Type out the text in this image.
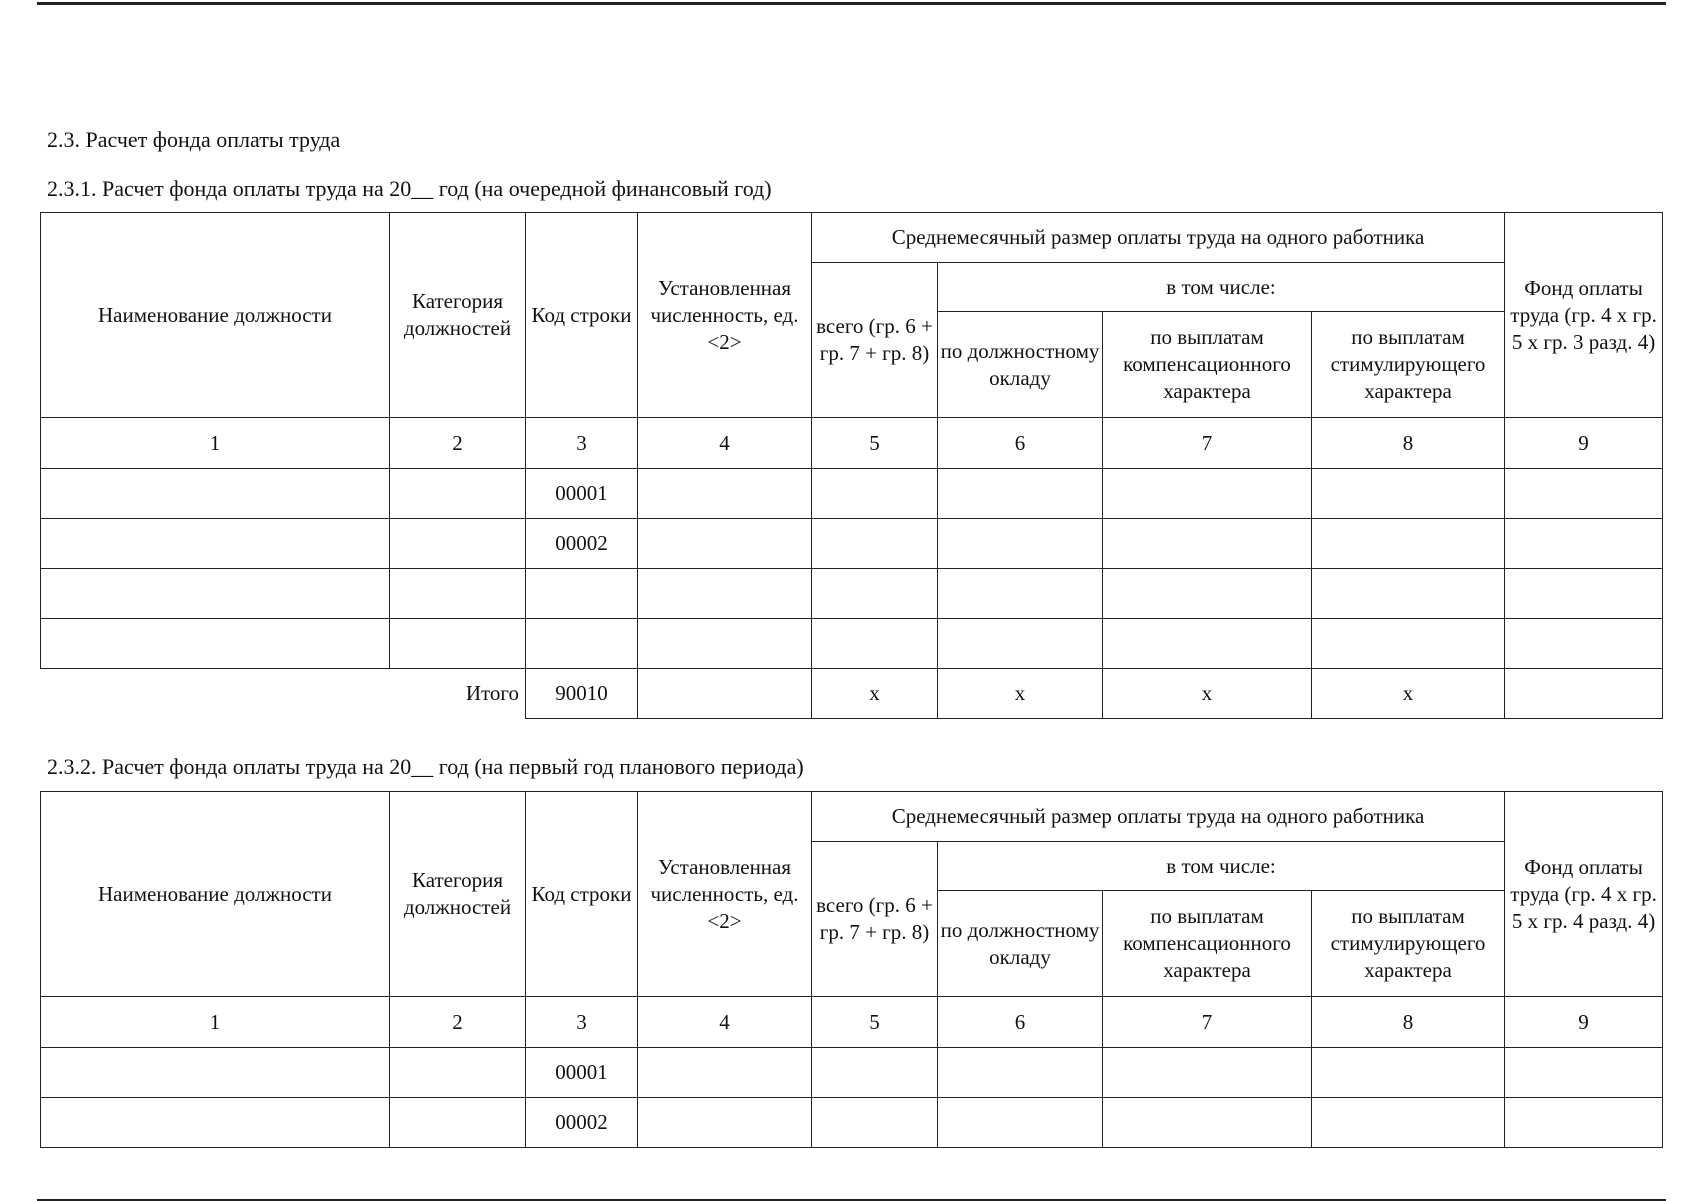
2.3. Расчет фонда оплаты труда
2.3.1. Расчет фонда оплаты труда на 20__ год (на очередной финансовый год)
Наименование должности	Категория должностей	Код строки	Установленная численность, ед. <2>	Среднемесячный размер оплаты труда на одного работника				Фонд оплаты труда (гр. 4 x гр. 5 x гр. 3 разд. 4)
				всего (гр. 6 + гр. 7 + гр. 8)	в том числе:			
					по должностному окладу	по выплатам компенсационного характера	по выплатам стимулирующего характера	
1	2	3	4	5	6	7	8	9
		00001						
		00002						

Итого		90010		x	x	x	x	
2.3.2. Расчет фонда оплаты труда на 20__ год (на первый год планового периода)
Наименование должности	Категория должностей	Код строки	Установленная численность, ед. <2>	Среднемесячный размер оплаты труда на одного работника				Фонд оплаты труда (гр. 4 x гр. 5 x гр. 4 разд. 4)
				всего (гр. 6 + гр. 7 + гр. 8)	в том числе:			
					по должностному окладу	по выплатам компенсационного характера	по выплатам стимулирующего характера	
1	2	3	4	5	6	7	8	9
		00001						
		00002						
